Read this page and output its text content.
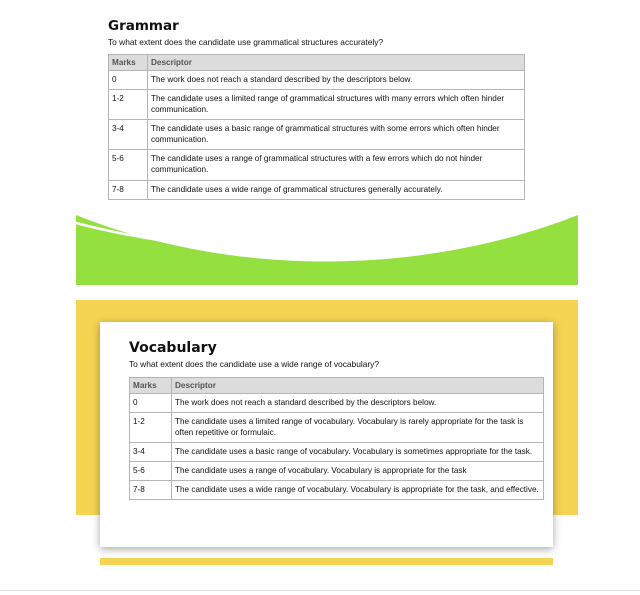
Grammar

To what extent does the candidate use grammatical structures accurately?

Marks	Descriptor
0	The work does not reach a standard described by the descriptors below.
1-2	The candidate uses a limited range of grammatical structures with many errors which often hinder communication.
3-4	The candidate uses a basic range of grammatical structures with some errors which often hinder communication.
5-6	The candidate uses a range of grammatical structures with a few errors which do not hinder communication.
7-8	The candidate uses a wide range of grammatical structures generally accurately.
Vocabulary

To what extent does the candidate use a wide range of vocabulary?

Marks	Descriptor
0	The work does not reach a standard described by the descriptors below.
1-2	The candidate uses a limited range of vocabulary. Vocabulary is rarely appropriate for the task is often repetitive or formulaic.
3-4	The candidate uses a basic range of vocabulary. Vocabulary is sometimes appropriate for the task.
5-6	The candidate uses a range of vocabulary. Vocabulary is appropriate for the task
7-8	The candidate uses a wide range of vocabulary. Vocabulary is appropriate for the task, and effective.
